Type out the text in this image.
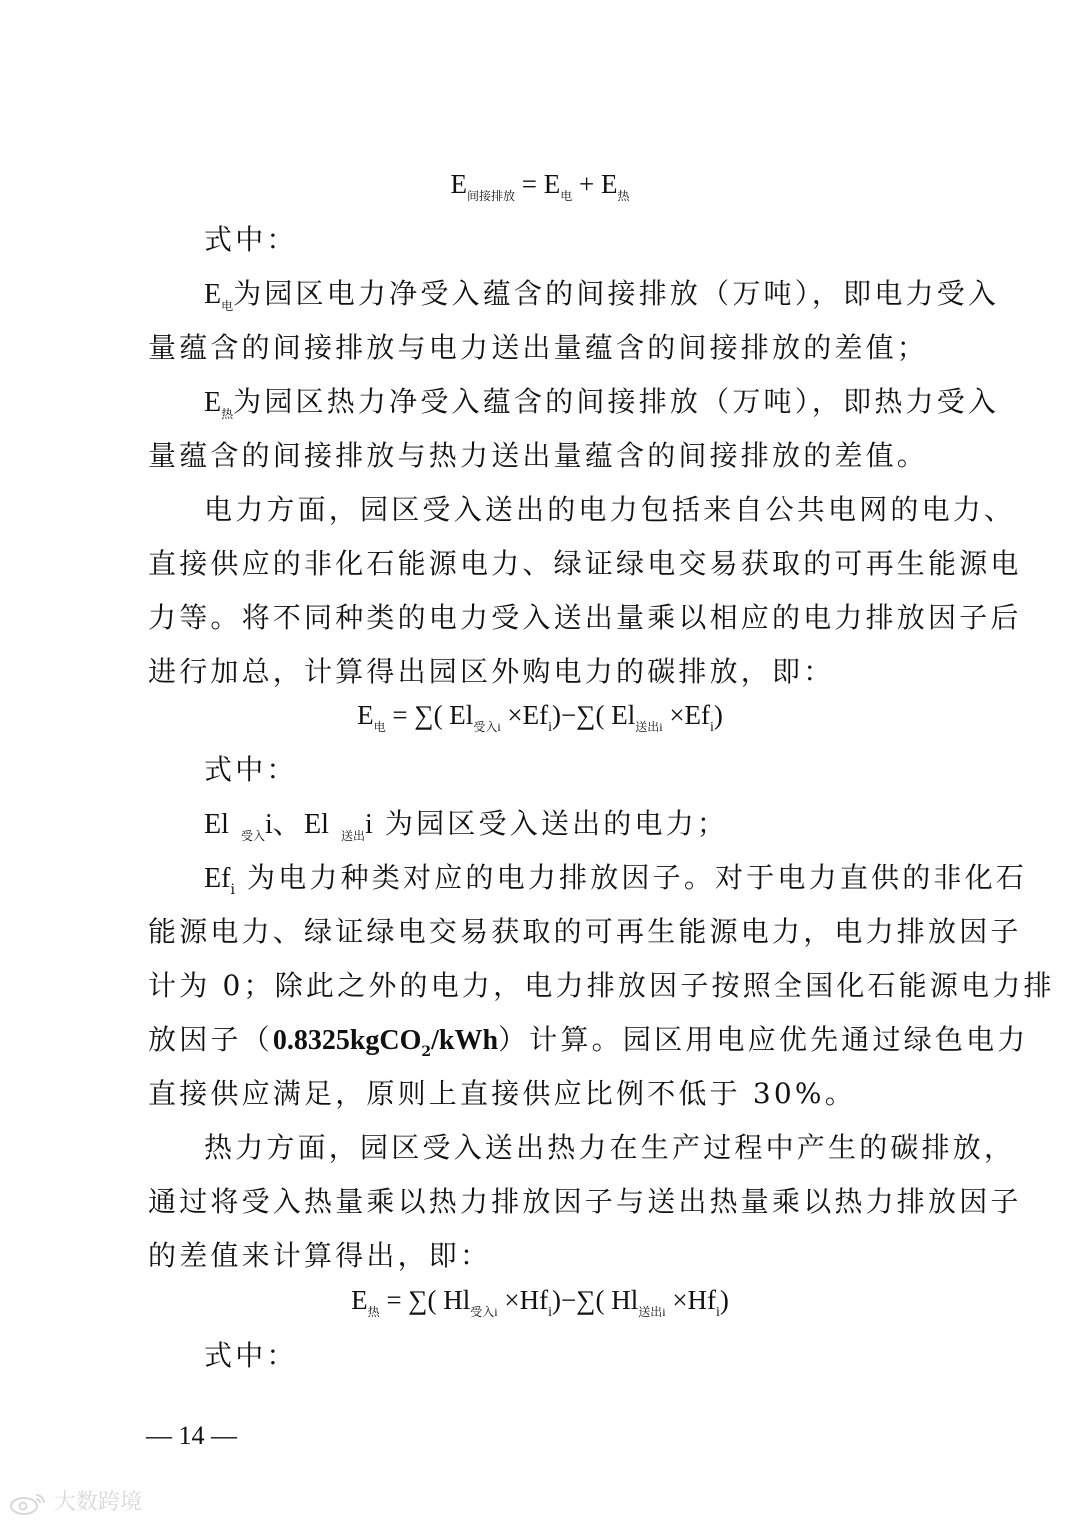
$E_{间接排放} = E_电 + E_热$
式中：
$E_电$为园区电力净受入蕴含的间接排放（万吨），即电力受入
量蕴含的间接排放与电力送出量蕴含的间接排放的差值；
$E_热$为园区热力净受入蕴含的间接排放（万吨），即热力受入
量蕴含的间接排放与热力送出量蕴含的间接排放的差值。
电力方面，园区受入送出的电力包括来自公共电网的电力、
直接供应的非化石能源电力、绿证绿电交易获取的可再生能源电
力等。将不同种类的电力受入送出量乘以相应的电力排放因子后
进行加总，计算得出园区外购电力的碳排放，即：
$E_电$ = ∑( $El_{受入i} \times Ef_i)-\sum$( $El_{送出i} \times Ef_i$)
式中：
El $_{受入}$i、El $_{送出}$i 为园区受入送出的电力；
$Ef_i$ 为电力种类对应的电力排放因子。对于电力直供的非化石
能源电力、绿证绿电交易获取的可再生能源电力，电力排放因子
计为 0；除此之外的电力，电力排放因子按照全国化石能源电力排
放因子（0.8325kgCO$_2$/kWh）计算。园区用电应优先通过绿色电力
直接供应满足，原则上直接供应比例不低于 30%。
热力方面，园区受入送出热力在生产过程中产生的碳排放，
通过将受入热量乘以热力排放因子与送出热量乘以热力排放因子
的差值来计算得出，即：
$E_热$ = ∑( $Hl_{受入i} \times Hf_i)-\sum$( $Hl_{送出i} \times Hf_i$)
式中：
— 14 —
大数跨境
